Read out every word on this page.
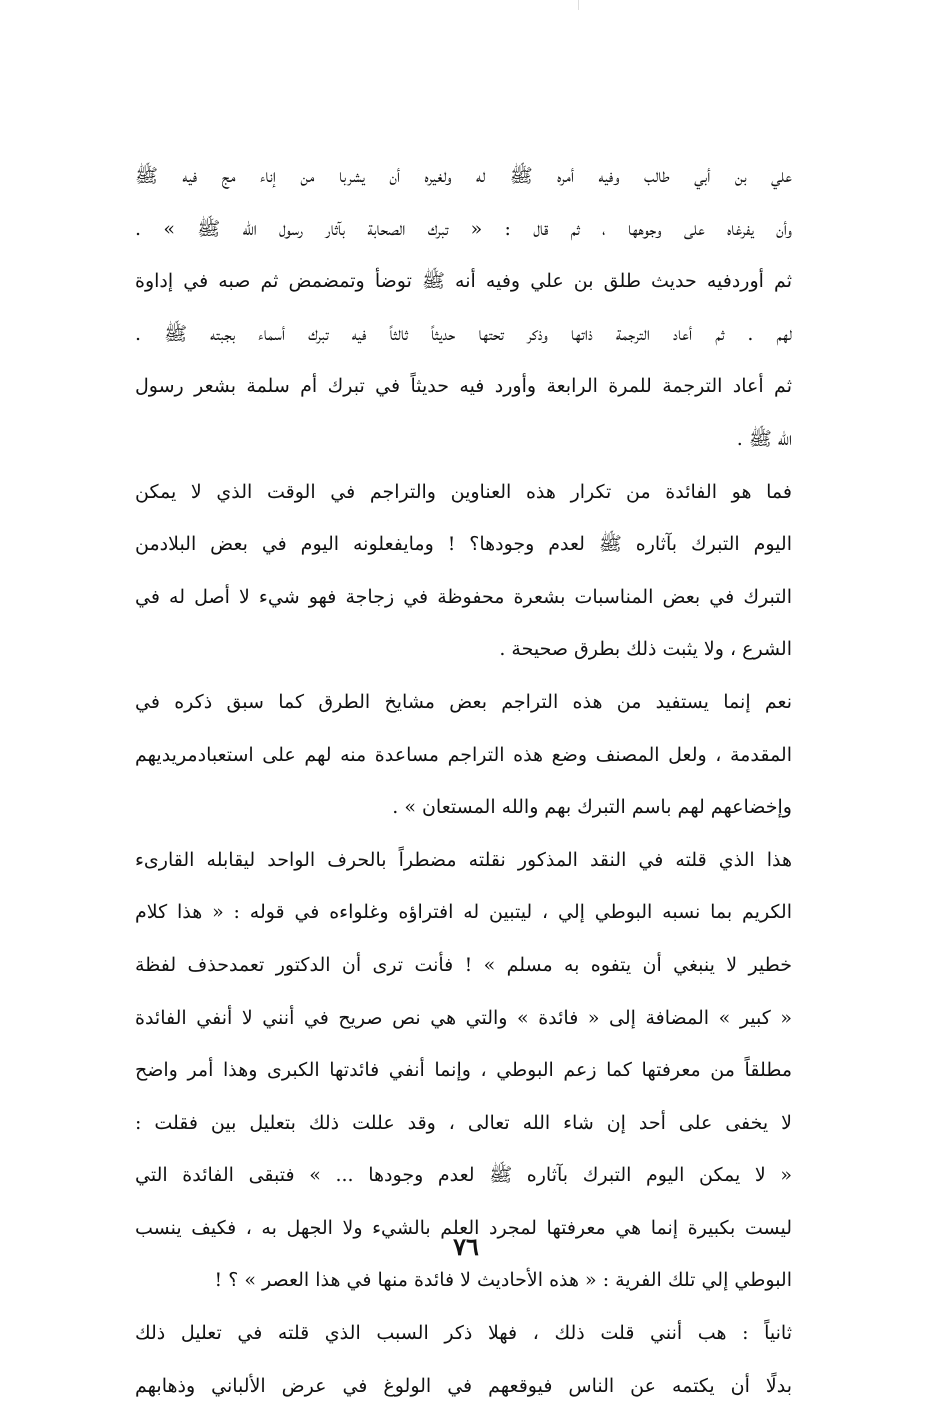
علي بن أبي طالب وفيه أمره ﷺ له ولغيره أن يشربا من إناء مج فيه ﷺ
وأن يفرغاه على وجوهها ، ثم قال : « تبرك الصحابة بآثار رسول الله ﷺ » .
ثم أوردفيه حديث طلق بن علي وفيه أنه ﷺ توضأ وتمضمض ثم صبه في إداوة
لهم . ثم أعاد الترجمة ذاتها وذكر تحتها حديثاً ثالثاً فيه تبرك أسماء بجبته ﷺ .
ثم أعاد الترجمة للمرة الرابعة وأورد فيه حديثاً في تبرك أم سلمة بشعر رسول
الله ﷺ .
فما هو الفائدة من تكرار هذه العناوين والتراجم في الوقت الذي لا يمكن
اليوم التبرك بآثاره ﷺ لعدم وجودها؟ ! ومايفعلونه اليوم في بعض البلادمن
التبرك في بعض المناسبات بشعرة محفوظة في زجاجة فهو شيء لا أصل له في
الشرع ، ولا يثبت ذلك بطرق صحيحة .
نعم إنما يستفيد من هذه التراجم بعض مشايخ الطرق كما سبق ذكره في
المقدمة ، ولعل المصنف وضع هذه التراجم مساعدة منه لهم على استعبادمريديهم
وإخضاعهم لهم باسم التبرك بهم والله المستعان » .
هذا الذي قلته في النقد المذكور نقلته مضطراً بالحرف الواحد ليقابله القارىء
الكريم بما نسبه البوطي إلي ، ليتبين له افتراؤه وغلواءه في قوله : « هذا كلام
خطير لا ينبغي أن يتفوه به مسلم » ! فأنت ترى أن الدكتور تعمدحذف لفظة
« كبير » المضافة إلى « فائدة » والتي هي نص صريح في أنني لا أنفي الفائدة
مطلقاً من معرفتها كما زعم البوطي ، وإنما أنفي فائدتها الكبرى وهذا أمر واضح
لا يخفى على أحد إن شاء الله تعالى ، وقد عللت ذلك بتعليل بين فقلت :
« لا يمكن اليوم التبرك بآثاره ﷺ لعدم وجودها ... » فتبقى الفائدة التي
ليست بكبيرة إنما هي معرفتها لمجرد العلم بالشيء ولا الجهل به ، فكيف ينسب
البوطي إلي تلك الفرية : « هذه الأحاديث لا فائدة منها في هذا العصر » ؟ !
ثانياً : هب أنني قلت ذلك ، فهلا ذكر السبب الذي قلته في تعليل ذلك
بدلًا أن يكتمه عن الناس فيوقعهم في الولوغ في عرض الألباني وذهابهم
٧٦
